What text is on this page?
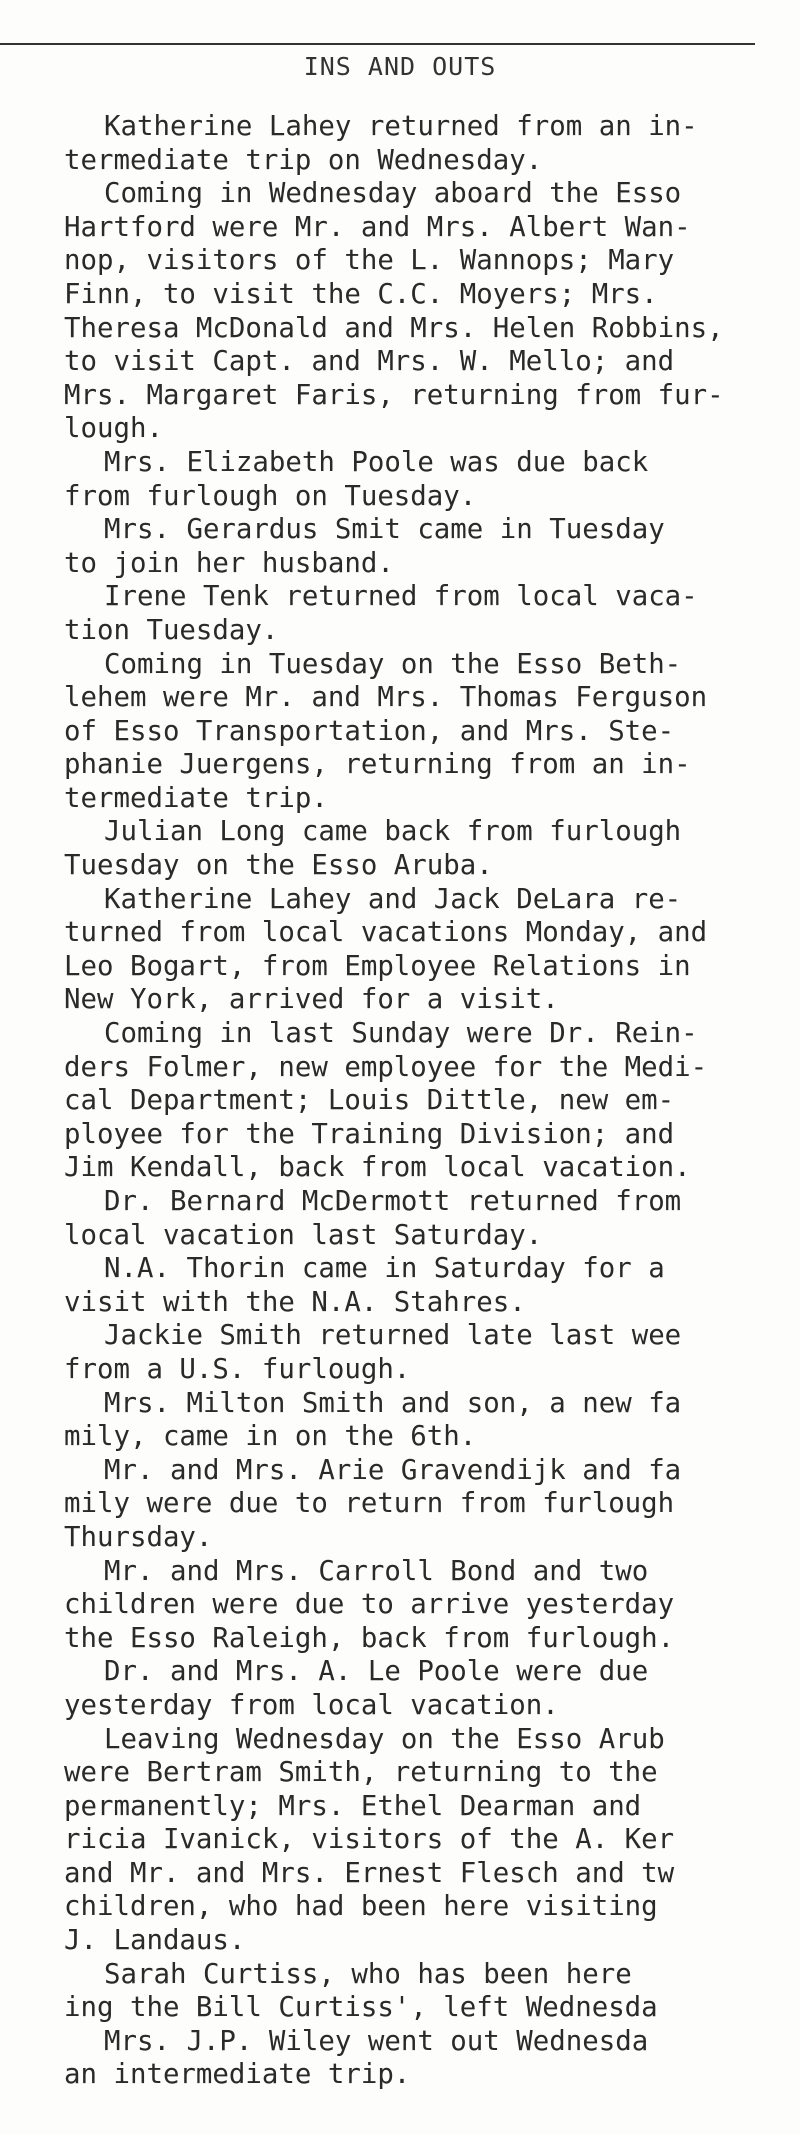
INS AND OUTS
Katherine Lahey returned from an in-
termediate trip on Wednesday.
Coming in Wednesday aboard the Esso
Hartford were Mr. and Mrs. Albert Wan-
nop, visitors of the L. Wannops; Mary
Finn, to visit the C.C. Moyers; Mrs.
Theresa McDonald and Mrs. Helen Robbins,
to visit Capt. and Mrs. W. Mello; and
Mrs. Margaret Faris, returning from fur-
lough.
Mrs. Elizabeth Poole was due back
from furlough on Tuesday.
Mrs. Gerardus Smit came in Tuesday
to join her husband.
Irene Tenk returned from local vaca-
tion Tuesday.
Coming in Tuesday on the Esso Beth-
lehem were Mr. and Mrs. Thomas Ferguson
of Esso Transportation, and Mrs. Ste-
phanie Juergens, returning from an in-
termediate trip.
Julian Long came back from furlough
Tuesday on the Esso Aruba.
Katherine Lahey and Jack DeLara re-
turned from local vacations Monday, and
Leo Bogart, from Employee Relations in
New York, arrived for a visit.
Coming in last Sunday were Dr. Rein-
ders Folmer, new employee for the Medi-
cal Department; Louis Dittle, new em-
ployee for the Training Division; and
Jim Kendall, back from local vacation.
Dr. Bernard McDermott returned from
local vacation last Saturday.
N.A. Thorin came in Saturday for a
visit with the N.A. Stahres.
Jackie Smith returned late last wee
from a U.S. furlough.
Mrs. Milton Smith and son, a new fa
mily, came in on the 6th.
Mr. and Mrs. Arie Gravendijk and fa
mily were due to return from furlough
Thursday.
Mr. and Mrs. Carroll Bond and two
children were due to arrive yesterday
the Esso Raleigh, back from furlough.
Dr. and Mrs. A. Le Poole were due
yesterday from local vacation.
Leaving Wednesday on the Esso Arub
were Bertram Smith, returning to the
permanently; Mrs. Ethel Dearman and
ricia Ivanick, visitors of the A. Ker
and Mr. and Mrs. Ernest Flesch and tw
children, who had been here visiting
J. Landaus.
Sarah Curtiss, who has been here
ing the Bill Curtiss', left Wednesda
Mrs. J.P. Wiley went out Wednesda
an intermediate trip.
